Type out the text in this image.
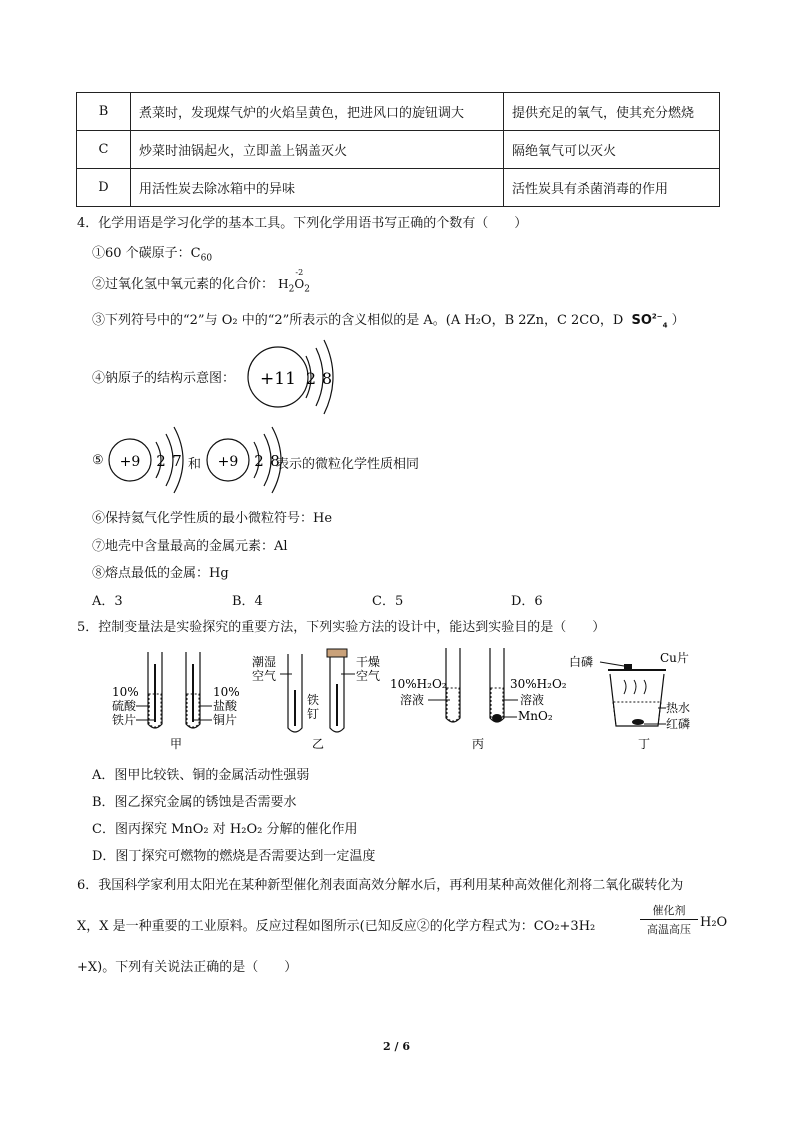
B	煮菜时，发现煤气炉的火焰呈黄色，把进风口的旋钮调大	提供充足的氧气，使其充分燃烧
C	炒菜时油锅起火，立即盖上锅盖灭火	隔绝氧气可以灭火
D	用活性炭去除冰箱中的异味	活性炭具有杀菌消毒的作用
4．化学用语是学习化学的基本工具。下列化学用语书写正确的个数有（　　）
①60 个碳原子：$C_{60}$
②过氧化氢中氧元素的化合价： $H_2O$
-2
$_2$
③下列符号中的“2”与 O₂ 中的“2”所表示的含义相似的是 A。(A H₂O，B 2Zn，C 2CO，D $SO^{2-}_4$ ）
④钠原子的结构示意图： +11 2 8
⑤ +9 2 7 和 +9 2 8
表示的微粒化学性质相同
⑥保持氦气化学性质的最小微粒符号：He
⑦地壳中含量最高的金属元素：Al
⑧熔点最低的金属：Hg
A．3	B．4	C．5	D．6
5．控制变量法是实验探究的重要方法，下列实验方法的设计中，能达到实验目的是（　　）
10%
硫酸
铁片
10%
盐酸
铜片
甲
潮湿
空气
干燥
空气
铁
钉
乙
10%H₂O₂
溶液
30%H₂O₂
溶液
MnO₂
丙
白磷	Cu片
热水
红磷
丁
A．图甲比较铁、铜的金属活动性强弱
B．图乙探究金属的锈蚀是否需要水
C．图丙探究 MnO₂ 对 H₂O₂ 分解的催化作用
D．图丁探究可燃物的燃烧是否需要达到一定温度
6．我国科学家利用太阳光在某种新型催化剂表面高效分解水后，再利用某种高效催化剂将二氧化碳转化为
X，X 是一种重要的工业原料。反应过程如图所示(已知反应②的化学方程式为：CO₂+3H₂
催化剂
高温高压 H₂O
+X)。下列有关说法正确的是（　　）
2 / 6
